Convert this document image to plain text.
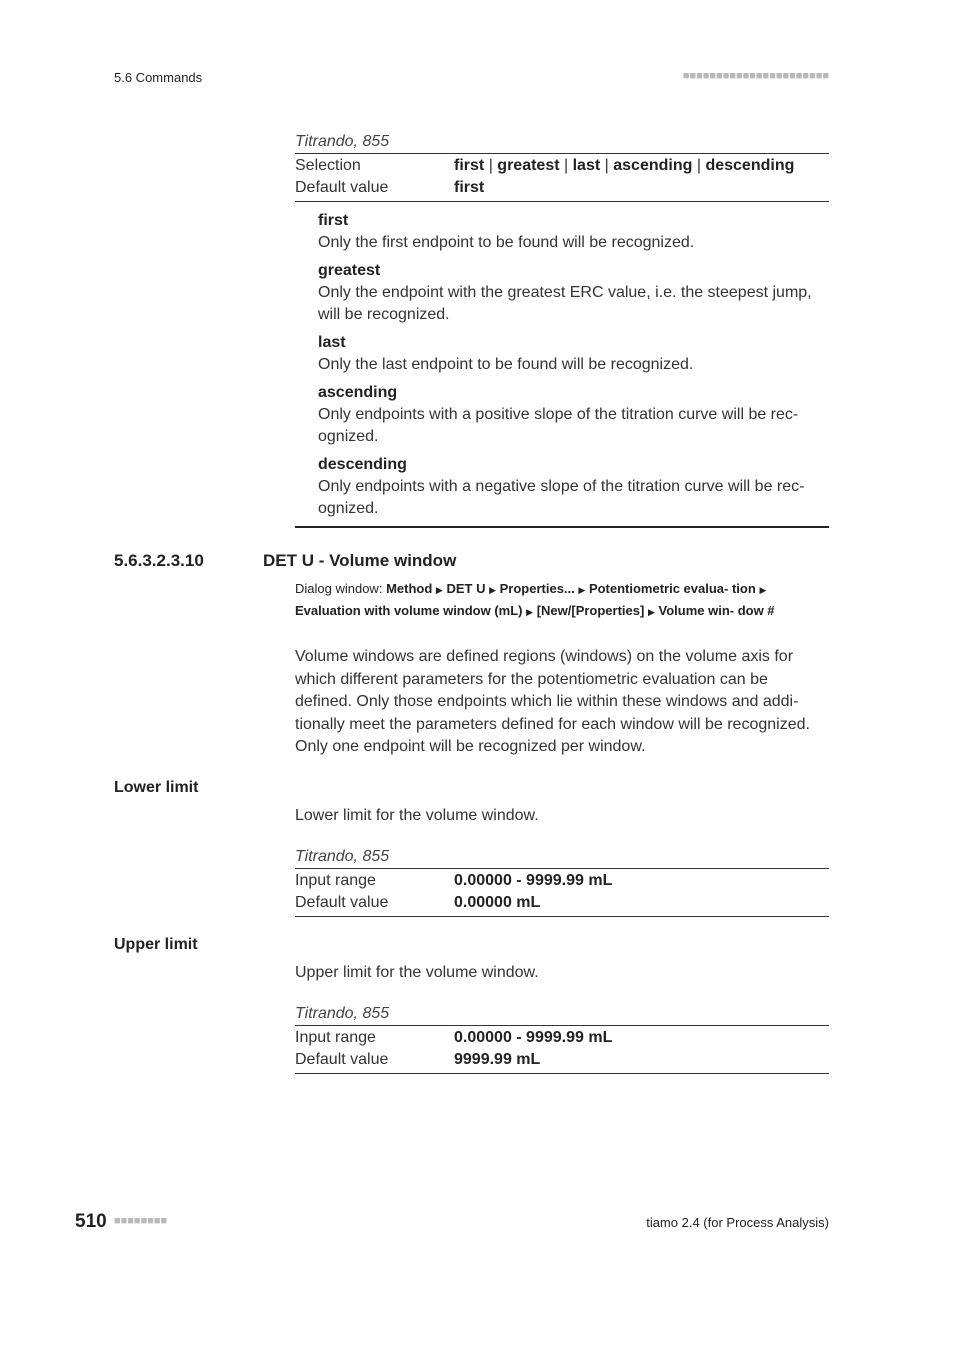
5.6 Commands	■■■■■■■■■■■■■■■■■■■■■■
Titrando, 855
Selection	first | greatest | last | ascending | descending
Default value	first
first
Only the first endpoint to be found will be recognized.
greatest
Only the endpoint with the greatest ERC value, i.e. the steepest jump, will be recognized.
last
Only the last endpoint to be found will be recognized.
ascending
Only endpoints with a positive slope of the titration curve will be rec- ognized.
descending
Only endpoints with a negative slope of the titration curve will be rec- ognized.
5.6.3.2.3.10	DET U - Volume window
Dialog window: Method ▶ DET U ▶ Properties... ▶ Potentiometric evalua- tion ▶ Evaluation with volume window (mL) ▶ [New/[Properties] ▶ Volume win- dow #
Volume windows are defined regions (windows) on the volume axis for which different parameters for the potentiometric evaluation can be defined. Only those endpoints which lie within these windows and addi- tionally meet the parameters defined for each window will be recognized. Only one endpoint will be recognized per window.
Lower limit
Lower limit for the volume window.
Titrando, 855
Input range	0.00000 - 9999.99 mL
Default value	0.00000 mL
Upper limit
Upper limit for the volume window.
Titrando, 855
Input range	0.00000 - 9999.99 mL
Default value	9999.99 mL
510 ■■■■■■■■	tiamo 2.4 (for Process Analysis)
